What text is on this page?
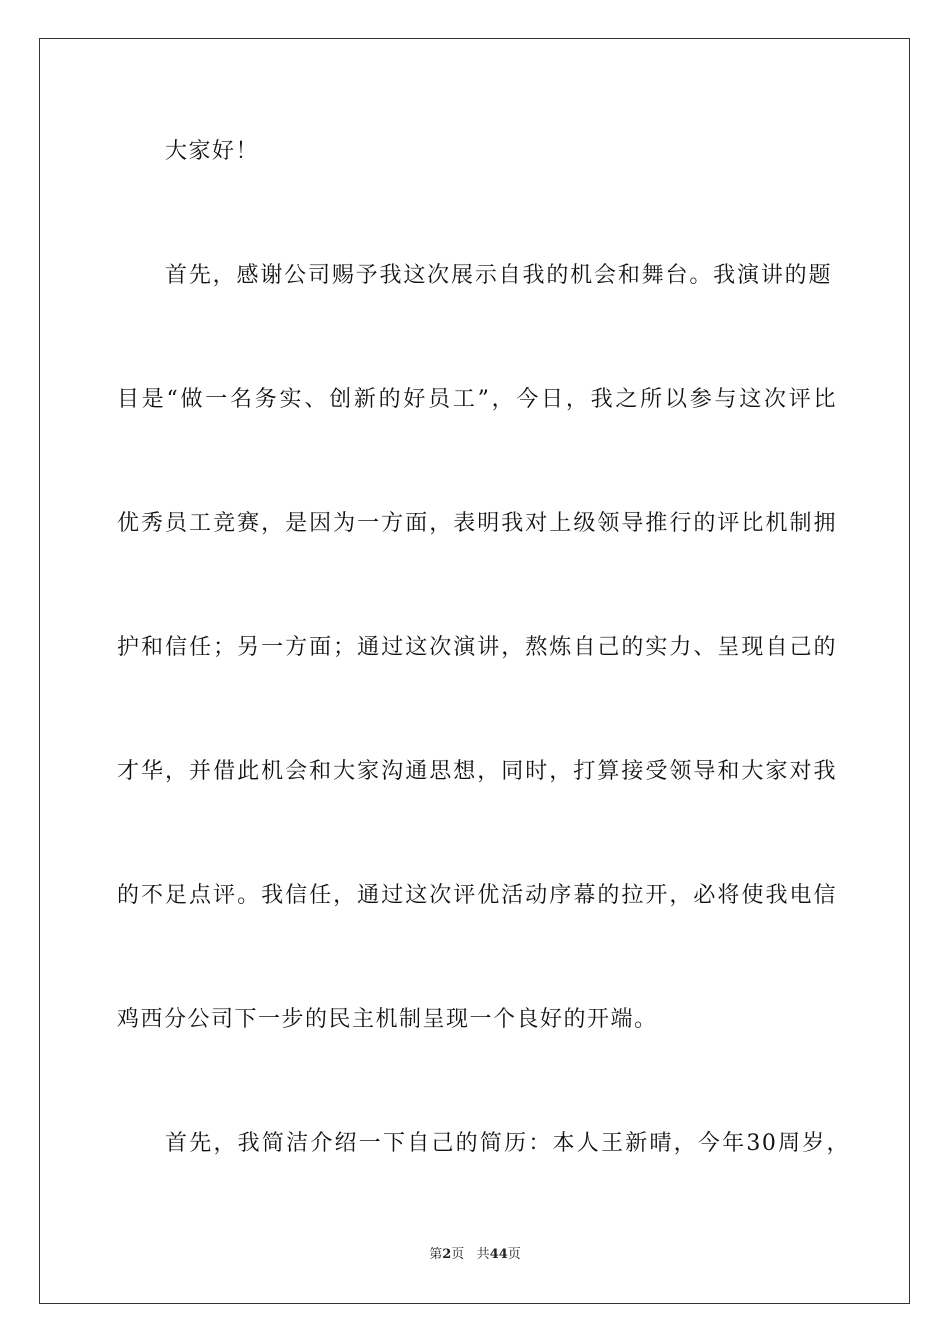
大家好！
首先，感谢公司赐予我这次展示自我的机会和舞台。我演讲的题
目是“做一名务实、创新的好员工”，今日，我之所以参与这次评比
优秀员工竞赛，是因为一方面，表明我对上级领导推行的评比机制拥
护和信任；另一方面；通过这次演讲，熬炼自己的实力、呈现自己的
才华，并借此机会和大家沟通思想，同时，打算接受领导和大家对我
的不足点评。我信任，通过这次评优活动序幕的拉开，必将使我电信
鸡西分公司下一步的民主机制呈现一个良好的开端。
首先，我简洁介绍一下自己的简历：本人王新晴，今年30周岁，
第2页 共44页
